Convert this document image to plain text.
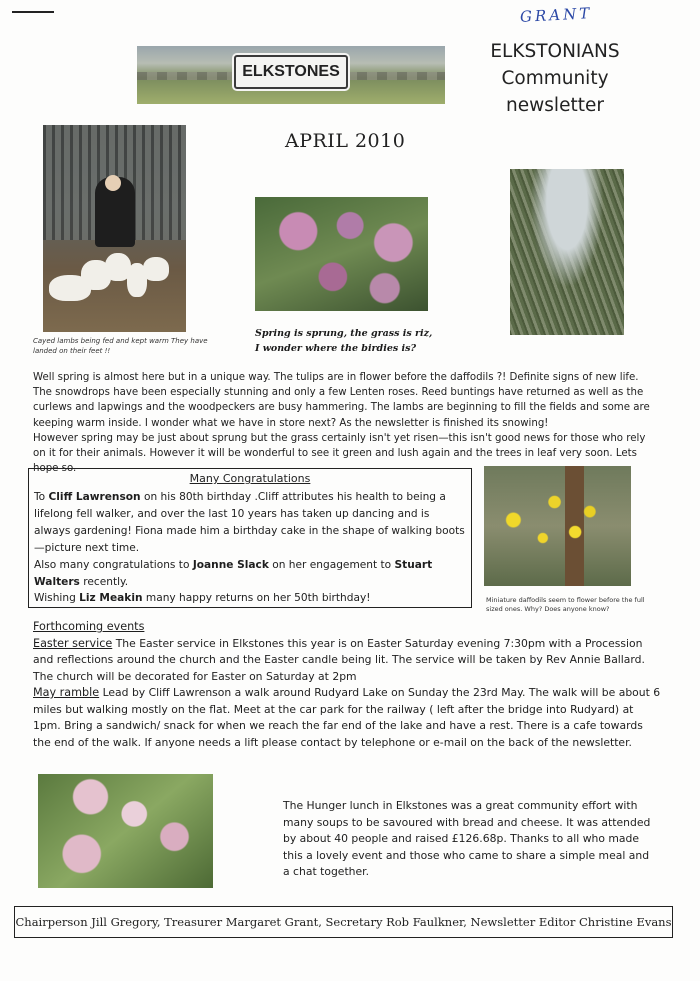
GRANT
ELKSTONES
ELKSTONIANS
Community
newsletter
APRIL 2010
Cayed lambs being fed and kept warm They have landed on their feet !!
Spring is sprung, the grass is riz,
I wonder where the birdies is?

Well spring is almost here but in a unique way. The tulips are in flower before the daffodils ?! Definite signs of new life. The snowdrops have been especially stunning and only a few Lenten roses. Reed buntings have returned as well as the curlews and lapwings and the woodpeckers are busy hammering. The lambs are beginning to fill the fields and some are keeping warm inside. I wonder what we have in store next? As the newsletter is finished its snowing!

However spring may be just about sprung but the grass certainly isn't yet risen—this isn't good news for those who rely on it for their animals. However it will be wonderful to see it green and lush again and the trees in leaf very soon. Lets hope so.

Many Congratulations

To Cliff Lawrenson on his 80th birthday .Cliff attributes his health to being a lifelong fell walker, and over the last 10 years has taken up dancing and is always gardening! Fiona made him a birthday cake in the shape of walking boots—picture next time.

Also many congratulations to Joanne Slack on her engagement to Stuart Walters recently.

Wishing Liz Meakin many happy returns on her 50th birthday!	Miniature daffodils seem to flower before the full sized ones. Why? Does anyone know?

Forthcoming events

Easter service The Easter service in Elkstones this year is on Easter Saturday evening 7:30pm with a Procession and reflections around the church and the Easter candle being lit. The service will be taken by Rev Annie Ballard. The church will be decorated for Easter on Saturday at 2pm

May ramble Lead by Cliff Lawrenson a walk around Rudyard Lake on Sunday the 23rd May. The walk will be about 6 miles but walking mostly on the flat. Meet at the car park for the railway ( left after the bridge into Rudyard) at 1pm. Bring a sandwich/ snack for when we reach the far end of the lake and have a rest. There is a cafe towards the end of the walk. If anyone needs a lift please contact by telephone or e-mail on the back of the newsletter.

The Hunger lunch in Elkstones was a great community effort with many soups to be savoured with bread and cheese. It was attended by about 40 people and raised £126.68p. Thanks to all who made this a lovely event and those who came to share a simple meal and a chat together.

Chairperson Jill Gregory, Treasurer Margaret Grant, Secretary Rob Faulkner, Newsletter Editor Christine Evans
